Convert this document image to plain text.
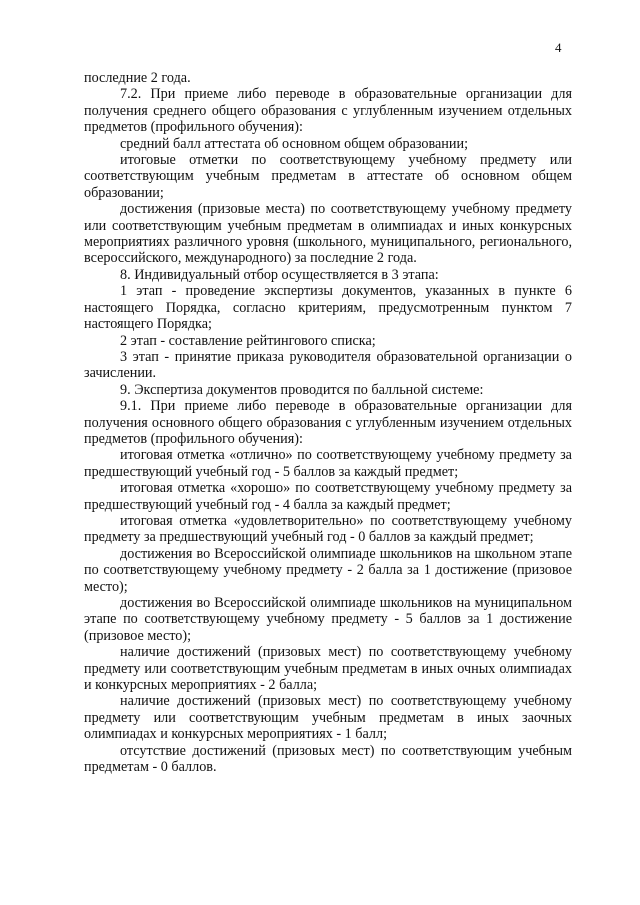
4

последние 2 года.

7.2. При приеме либо переводе в образовательные организации для получения среднего общего образования с углубленным изучением отдельных предметов (профильного обучения):

средний балл аттестата об основном общем образовании;

итоговые отметки по соответствующему учебному предмету или соответствующим учебным предметам в аттестате об основном общем образовании;

достижения (призовые места) по соответствующему учебному предмету или соответствующим учебным предметам в олимпиадах и иных конкурсных мероприятиях различного уровня (школьного, муниципального, регионального, всероссийского, международного) за последние 2 года.

8. Индивидуальный отбор осуществляется в 3 этапа:

1 этап - проведение экспертизы документов, указанных в пункте 6 настоящего Порядка, согласно критериям, предусмотренным пунктом 7 настоящего Порядка;

2 этап - составление рейтингового списка;

3 этап - принятие приказа руководителя образовательной организации о зачислении.

9. Экспертиза документов проводится по балльной системе:

9.1. При приеме либо переводе в образовательные организации для получения основного общего образования с углубленным изучением отдельных предметов (профильного обучения):

итоговая отметка «отлично» по соответствующему учебному предмету за предшествующий учебный год - 5 баллов за каждый предмет;

итоговая отметка «хорошо» по соответствующему учебному предмету за предшествующий учебный год - 4 балла за каждый предмет;

итоговая отметка «удовлетворительно» по соответствующему учебному предмету за предшествующий учебный год - 0 баллов за каждый предмет;

достижения во Всероссийской олимпиаде школьников на школьном этапе по соответствующему учебному предмету - 2 балла за 1 достижение (призовое место);

достижения во Всероссийской олимпиаде школьников на муниципальном этапе по соответствующему учебному предмету - 5 баллов за 1 достижение (призовое место);

наличие достижений (призовых мест) по соответствующему учебному предмету или соответствующим учебным предметам в иных очных олимпиадах и конкурсных мероприятиях - 2 балла;

наличие достижений (призовых мест) по соответствующему учебному предмету или соответствующим учебным предметам в иных заочных олимпиадах и конкурсных мероприятиях - 1 балл;

отсутствие достижений (призовых мест) по соответствующим учебным предметам - 0 баллов.
